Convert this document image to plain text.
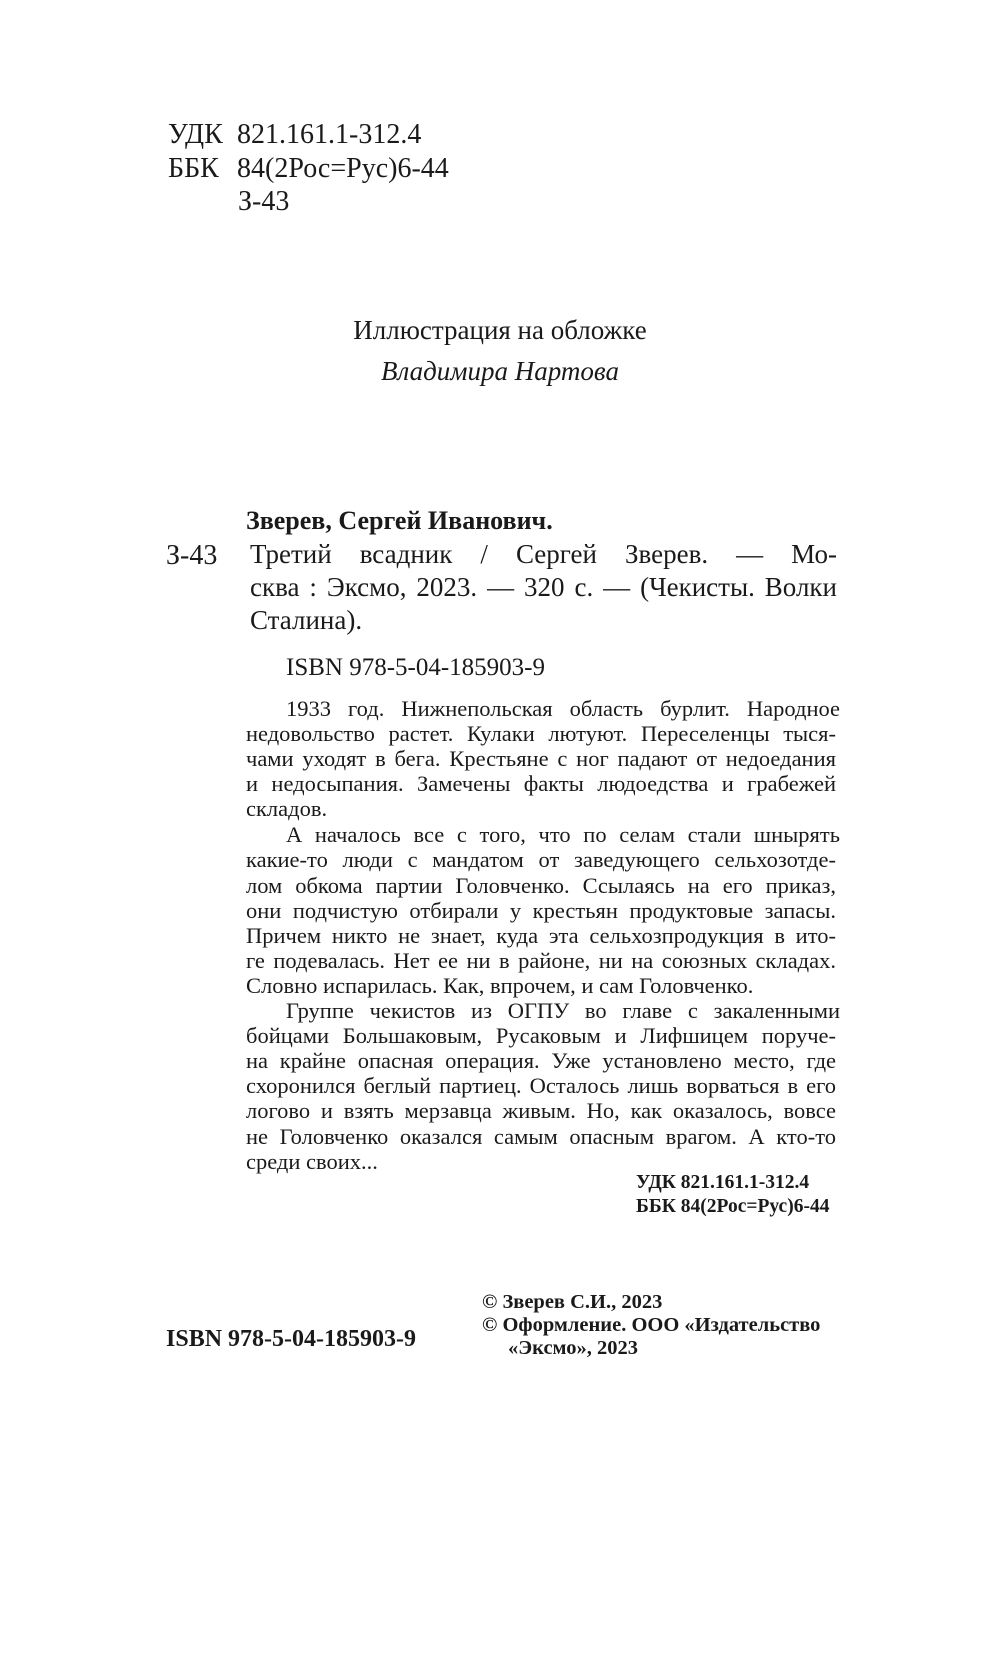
УДК 821.161.1-312.4
ББК 84(2Рос=Рус)6-44
З-43
Иллюстрация на обложке
Владимира Нартова
Зверев, Сергей Иванович.
З-43 Третий всадник / Сергей Зверев. — Мо-
сква : Эксмо, 2023. — 320 с. — (Чекисты. Волки
Сталина).
ISBN 978-5-04-185903-9
1933 год. Нижнепольская область бурлит. Народное
недовольство растет. Кулаки лютуют. Переселенцы тыся-
чами уходят в бега. Крестьяне с ног падают от недоедания
и недосыпания. Замечены факты людоедства и грабежей
складов.
А началось все с того, что по селам стали шнырять
какие-то люди с мандатом от заведующего сельхозотде-
лом обкома партии Головченко. Ссылаясь на его приказ,
они подчистую отбирали у крестьян продуктовые запасы.
Причем никто не знает, куда эта сельхозпродукция в ито-
ге подевалась. Нет ее ни в районе, ни на союзных складах.
Словно испарилась. Как, впрочем, и сам Головченко.
Группе чекистов из ОГПУ во главе с закаленными
бойцами Большаковым, Русаковым и Лифшицем поруче-
на крайне опасная операция. Уже установлено место, где
схоронился беглый партиец. Осталось лишь ворваться в его
логово и взять мерзавца живым. Но, как оказалось, вовсе
не Головченко оказался самым опасным врагом. А кто-то
среди своих...
УДК 821.161.1-312.4
ББК 84(2Рос=Рус)6-44
© Зверев С.И., 2023
© Оформление. ООО «Издательство
«Эксмо», 2023
ISBN 978-5-04-185903-9
